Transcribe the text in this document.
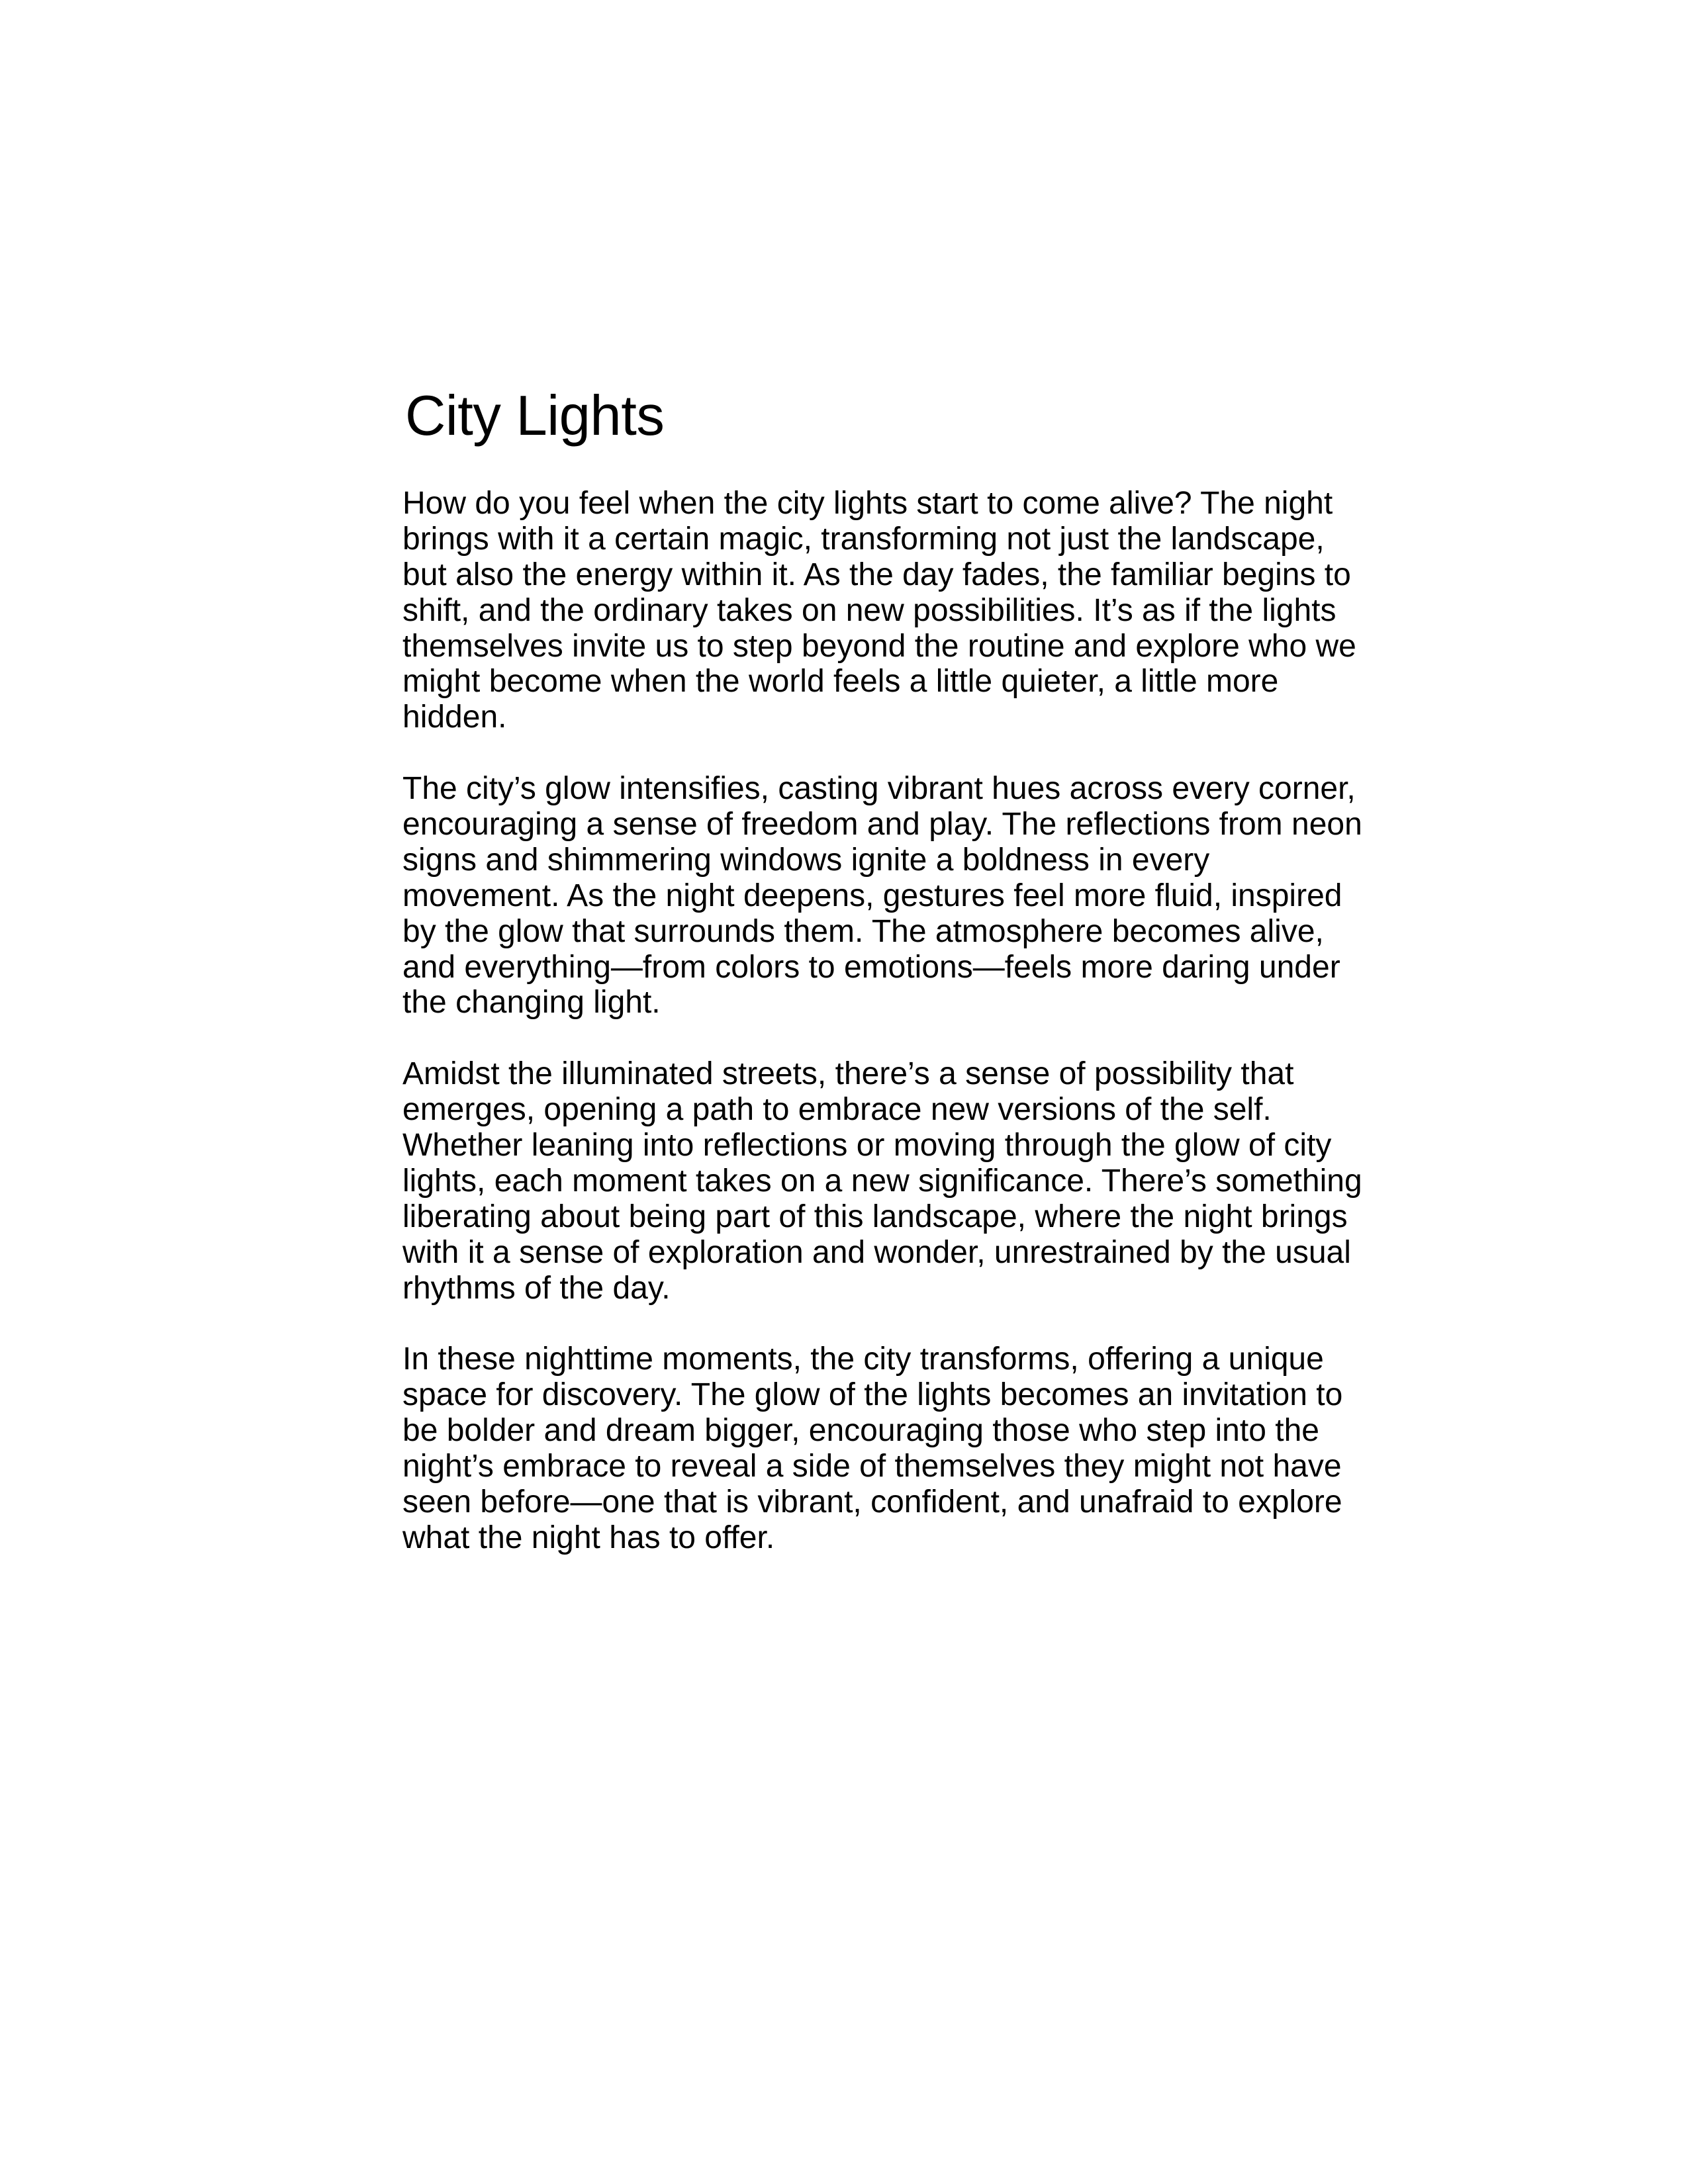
City Lights

How do you feel when the city lights start to come alive? The night
brings with it a certain magic, transforming not just the landscape,
but also the energy within it. As the day fades, the familiar begins to
shift, and the ordinary takes on new possibilities. It’s as if the lights
themselves invite us to step beyond the routine and explore who we
might become when the world feels a little quieter, a little more
hidden.

The city’s glow intensifies, casting vibrant hues across every corner,
encouraging a sense of freedom and play. The reflections from neon
signs and shimmering windows ignite a boldness in every
movement. As the night deepens, gestures feel more fluid, inspired
by the glow that surrounds them. The atmosphere becomes alive,
and everything—from colors to emotions—feels more daring under
the changing light.

Amidst the illuminated streets, there’s a sense of possibility that
emerges, opening a path to embrace new versions of the self.
Whether leaning into reflections or moving through the glow of city
lights, each moment takes on a new significance. There’s something
liberating about being part of this landscape, where the night brings
with it a sense of exploration and wonder, unrestrained by the usual
rhythms of the day.

In these nighttime moments, the city transforms, offering a unique
space for discovery. The glow of the lights becomes an invitation to
be bolder and dream bigger, encouraging those who step into the
night’s embrace to reveal a side of themselves they might not have
seen before—one that is vibrant, confident, and unafraid to explore
what the night has to offer.
